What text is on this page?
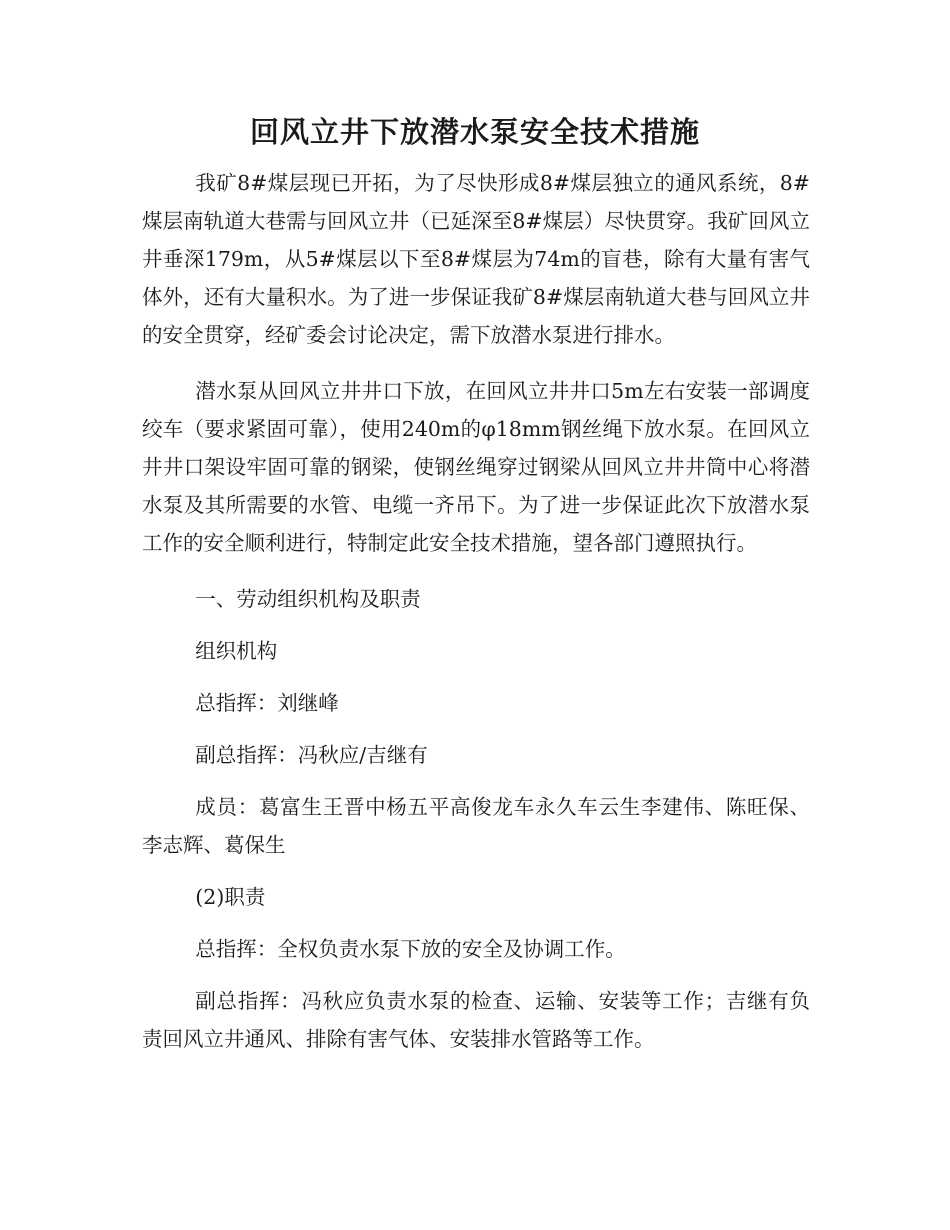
回风立井下放潜水泵安全技术措施

我矿8#煤层现已开拓，为了尽快形成8#煤层独立的通风系统，8#煤层南轨道大巷需与回风立井（已延深至8#煤层）尽快贯穿。我矿回风立井垂深179m，从5#煤层以下至8#煤层为74m的盲巷，除有大量有害气体外，还有大量积水。为了进一步保证我矿8#煤层南轨道大巷与回风立井的安全贯穿，经矿委会讨论决定，需下放潜水泵进行排水。

潜水泵从回风立井井口下放，在回风立井井口5m左右安装一部调度绞车（要求紧固可靠），使用240m的φ18mm钢丝绳下放水泵。在回风立井井口架设牢固可靠的钢梁，使钢丝绳穿过钢梁从回风立井井筒中心将潜水泵及其所需要的水管、电缆一齐吊下。为了进一步保证此次下放潜水泵工作的安全顺利进行，特制定此安全技术措施，望各部门遵照执行。

一、劳动组织机构及职责

组织机构

总指挥：刘继峰

副总指挥：冯秋应/吉继有

成员：葛富生王晋中杨五平高俊龙车永久车云生李建伟、陈旺保、李志辉、葛保生

(2)职责

总指挥：全权负责水泵下放的安全及协调工作。

副总指挥：冯秋应负责水泵的检查、运输、安装等工作；吉继有负责回风立井通风、排除有害气体、安装排水管路等工作。
